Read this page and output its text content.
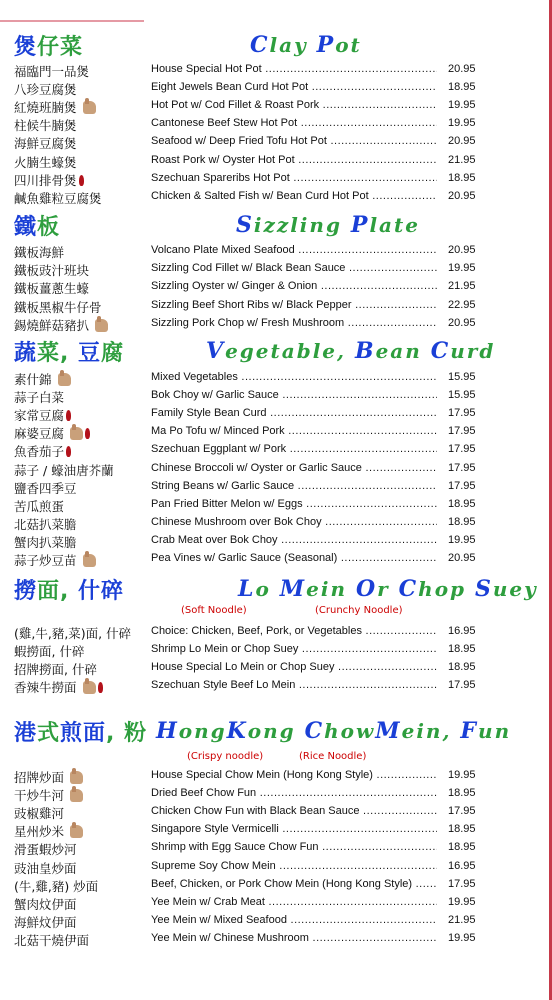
煲仔菜	Clay Pot
福臨門一品煲	House Special Hot Pot .....	20.95
八珍豆腐煲	Eight Jewels Bean Curd Hot Pot .....	18.95
紅燒班腩煲	Hot Pot w/ Cod Fillet & Roast Pork .....	19.95
柱候牛腩煲	Cantonese Beef Stew Hot Pot .....	19.95
海鮮豆腐煲	Seafood w/ Deep Fried Tofu Hot Pot .....	20.95
火腩生蠔煲	Roast Pork w/ Oyster Hot Pot .....	21.95
四川排骨煲	Szechuan Spareribs Hot Pot .....	18.95
鹹魚雞粒豆腐煲	Chicken & Salted Fish w/ Bean Curd Hot Pot .....	20.95
鐵板	Sizzling Plate
鐵板海鮮	Volcano Plate Mixed Seafood .....	20.95
鐵板豉汁班块	Sizzling Cod Fillet w/ Black Bean Sauce .....	19.95
鐵板薑蔥生蠔	Sizzling Oyster w/ Ginger & Onion .....	21.95
鐵板黑椒牛仔骨	Sizzling Beef Short Ribs w/ Black Pepper .....	22.95
錫燒鮮菇豬扒	Sizzling Pork Chop w/ Fresh Mushroom .....	20.95
蔬菜, 豆腐	Vegetable, Bean Curd
素什錦	Mixed Vegetables .....	15.95
蒜子白菜	Bok Choy w/ Garlic Sauce .....	15.95
家常豆腐	Family Style Bean Curd .....	17.95
麻婆豆腐	Ma Po Tofu w/ Minced Pork .....	17.95
魚香茄子	Szechuan Eggplant w/ Pork .....	17.95
蒜子 / 蠔油唐芥蘭	Chinese Broccoli w/ Oyster or Garlic Sauce .....	17.95
鹽香四季豆	String Beans w/ Garlic Sauce .....	17.95
苦瓜煎蛋	Pan Fried Bitter Melon w/ Eggs .....	18.95
北菇扒菜膽	Chinese Mushroom over Bok Choy .....	18.95
蟹肉扒菜膽	Crab Meat over Bok Choy .....	19.95
蒜子炒豆苗	Pea Vines w/ Garlic Sauce (Seasonal) .....	20.95
撈面, 什碎	Lo Mein Or Chop Suey
(Soft Noodle)	(Crunchy Noodle)
(雞,牛,豬,菜)面, 什碎 Choice: Chicken, Beef, Pork, or Vegetables .....	16.95
蝦撈面, 什碎	Shrimp Lo Mein or Chop Suey .....	18.95
招牌撈面, 什碎	House Special Lo Mein or Chop Suey .....	18.95
香辣牛撈面	Szechuan Style Beef Lo Mein .....	17.95
港式煎面, 粉 HongKong ChowMein, Fun
(Crispy noodle)	(Rice Noodle)
招牌炒面	House Special Chow Mein (Hong Kong Style) .....	19.95
干炒牛河	Dried Beef Chow Fun .....	18.95
豉椒雞河	Chicken Chow Fun with Black Bean Sauce .....	17.95
星州炒米	Singapore Style Vermicelli .....	18.95
滑蛋蝦炒河	Shrimp with Egg Sauce Chow Fun .....	18.95
豉油皇炒面	Supreme Soy Chow Mein .....	16.95
(牛,雞,豬) 炒面	Beef, Chicken, or Pork Chow Mein (Hong Kong Style) .....	17.95
蟹肉炆伊面	Yee Mein w/ Crab Meat .....	19.95
海鮮炆伊面	Yee Mein w/ Mixed Seafood .....	21.95
北菇干燒伊面	Yee Mein w/ Chinese Mushroom .....	19.95
